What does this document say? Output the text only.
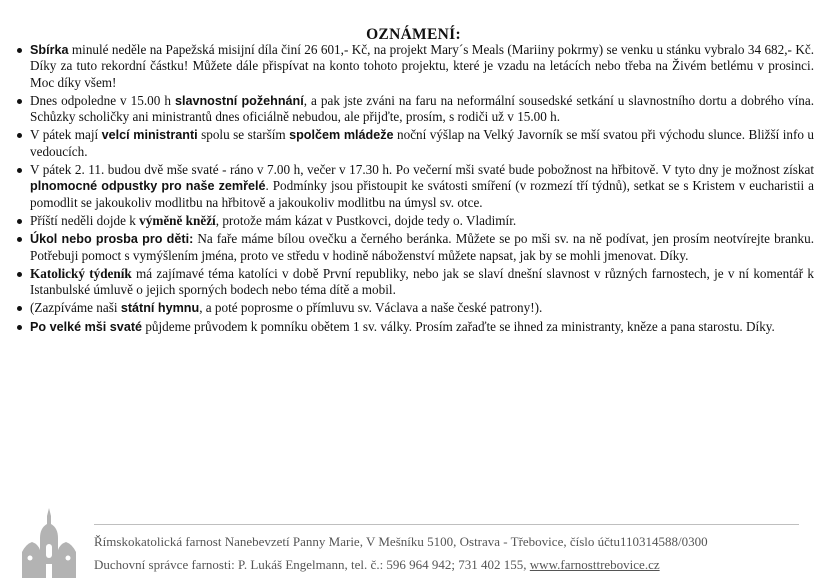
OZNÁMENÍ:
Sbírka minulé neděle na Papežská misijní díla činí 26 601,- Kč, na projekt Mary´s Meals (Mariiny pokrmy) se venku u stánku vybralo 34 682,- Kč. Díky za tuto rekordní částku! Můžete dále přispívat na konto tohoto projektu, které je vzadu na letácích nebo třeba na Živém betlému v prosinci. Moc díky všem!
Dnes odpoledne v 15.00 h slavnostní požehnání, a pak jste zváni na faru na neformální sousedské setkání u slavnostního dortu a dobrého vína. Schůzky scholičky ani ministrantů dnes oficiálně nebudou, ale přijďte, prosím, s rodiči už v 15.00 h.
V pátek mají velcí ministranti spolu se starším spolčem mládeže noční výšlap na Velký Javorník se mší svatou při východu slunce. Bližší info u vedoucích.
V pátek 2. 11. budou dvě mše svaté - ráno v 7.00 h, večer v 17.30 h. Po večerní mši svaté bude pobožnost na hřbitově. V tyto dny je možnost získat plnomocné odpustky pro naše zemřelé. Podmínky jsou přistoupit ke svátosti smíření (v rozmezí tří týdnů), setkat se s Kristem v eucharistii a pomodlit se jakoukoliv modlitbu na hřbitově a jakoukoliv modlitbu na úmysl sv. otce.
Příští neděli dojde k výměně kněží, protože mám kázat v Pustkovci, dojde tedy o. Vladimír.
Úkol nebo prosba pro děti: Na faře máme bílou ovečku a černého beránka. Můžete se po mši sv. na ně podívat, jen prosím neotvírejte branku. Potřebuji pomoct s vymýšlením jména, proto ve středu v hodině náboženství můžete napsat, jak by se mohli jmenovat. Díky.
Katolický týdeník má zajímavé téma katolíci v době První republiky, nebo jak se slaví dnešní slavnost v různých farnostech, je v ní komentář k Istanbulské úmluvě o jejich sporných bodech nebo téma dítě a mobil.
(Zazpíváme naši státní hymnu, a poté poprosme o přímluvu sv. Václava a naše české patrony!).
Po velké mši svaté půjdeme průvodem k pomníku obětem 1 sv. války. Prosím zařaďte se ihned za ministranty, kněze a pana starostu. Díky.
Římskokatolická farnost Nanebevzetí Panny Marie, V Mešníku 5100, Ostrava - Třebovice, číslo účtu110314588/0300
Duchovní správce farnosti: P. Lukáš Engelmann, tel. č.: 596 964 942; 731 402 155, www.farnosttrebovice.cz
